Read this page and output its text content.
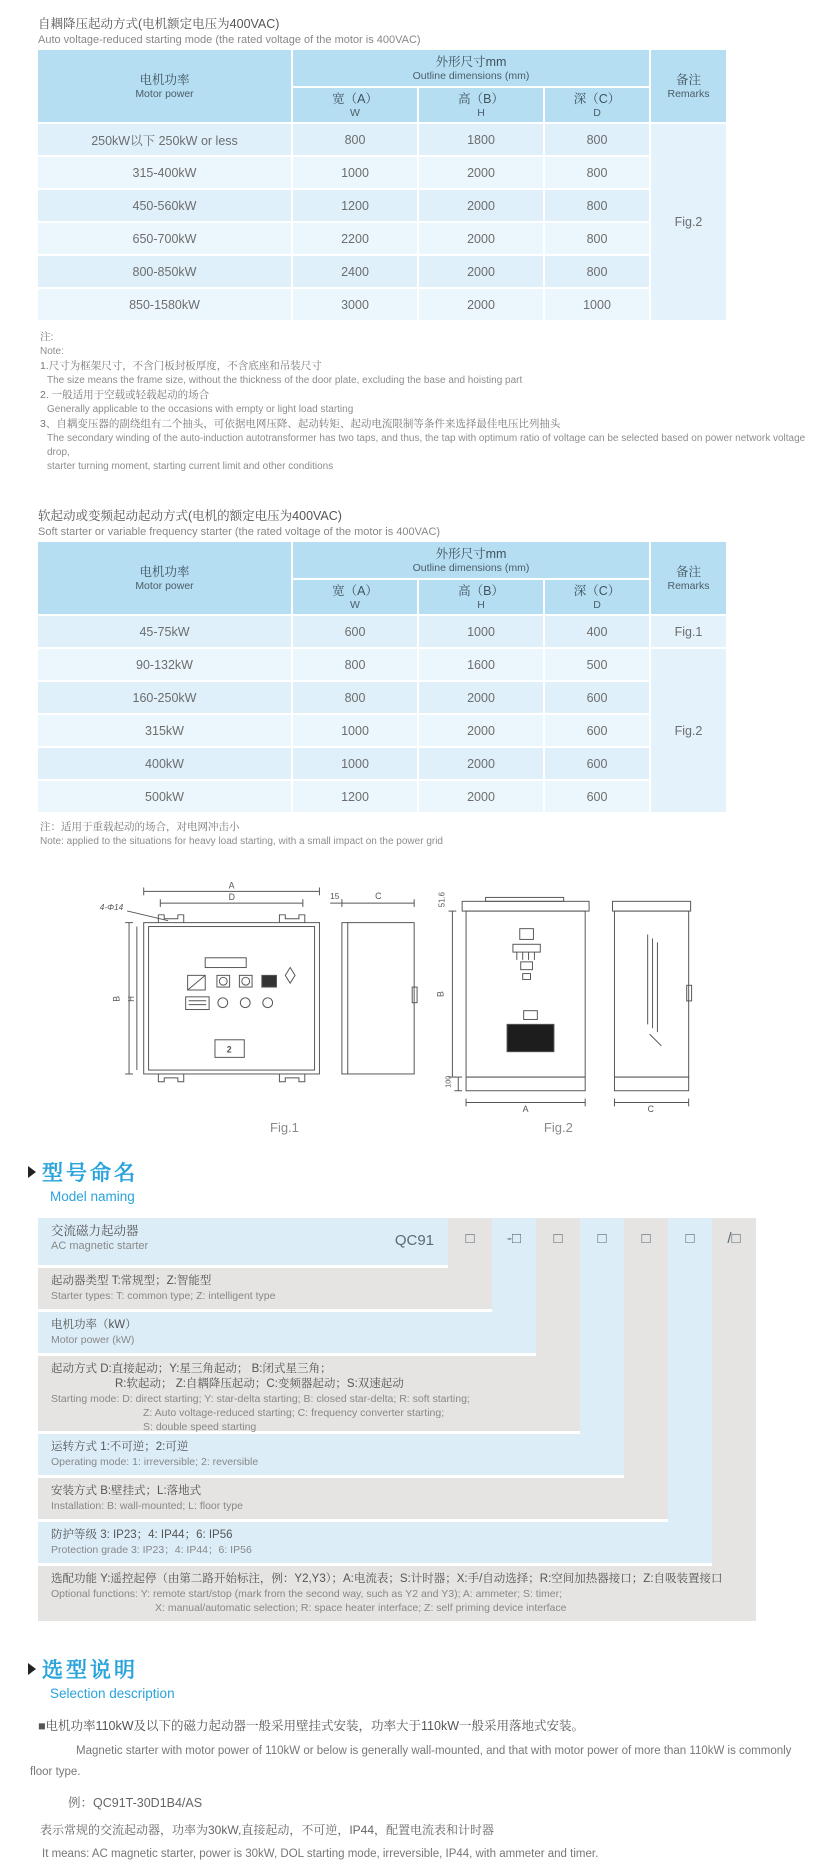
自耦降压起动方式(电机额定电压为400VAC)
Auto voltage-reduced starting mode (the rated voltage of the motor is 400VAC)
电机功率
Motor power

外形尺寸mm
Outline dimensions (mm)	备注
Remarks

宽（A）
W

高（B）
H

深（C）
D

250kW以下 250kW or less	800	1800	800	Fig.2
315-400kW	1000	2000	800	
450-560kW	1200	2000	800	
650-700kW	2200	2000	800	
800-850kW	2400	2000	800	
850-1580kW	3000	2000	1000	
注:
Note:
1.尺寸为框架尺寸，不含门板封板厚度，不含底座和吊装尺寸
The size means the frame size, without the thickness of the door plate, excluding the base and hoisting part
2. 一般适用于空载或轻载起动的场合
Generally applicable to the occasions with empty or light load starting
3、自耦变压器的副绕组有二个抽头，可依据电网压降、起动转矩、起动电流限制等条件来选择最佳电压比列抽头
The secondary winding of the auto-induction autotransformer has two taps, and thus, the tap with optimum ratio of voltage can be selected based on power network voltage drop,
starter turning moment, starting current limit and other conditions
软起动或变频起动起动方式(电机的额定电压为400VAC)
Soft starter or variable frequency starter (the rated voltage of the motor is 400VAC)
电机功率
Motor power

外形尺寸mm
Outline dimensions (mm)	备注
Remarks

宽（A）
W

高（B）
H

深（C）
D

45-75kW	600	1000	400	Fig.1
90-132kW	800	1600	500	Fig.2
160-250kW	800	2000	600	
315kW	1000	2000	600	
400kW	1000	2000	600	
500kW	1200	2000	600	
注：适用于重载起动的场合，对电网冲击小
Note: applied to the situations for heavy load starting, with a small impact on the power grid
A
D
4-Φ14
B H
15	C
2
51.6
B
100
A	C
Fig.1	Fig.2
型号命名
Model naming
交流磁力起动器
AC magnetic starter	QC91	□	-□	□	□	□	□	/□
起动器类型 T:常规型；Z:智能型
Starter types: T: common type; Z: intelligent type
电机功率（kW）
Motor power (kW)
起动方式 D:直接起动；Y:星三角起动； B:闭式星三角；
R:软起动； Z:自耦降压起动；C:变频器起动；S:双速起动
Starting mode: D: direct starting; Y: star-delta starting; B: closed star-delta; R: soft starting;
Z: Auto voltage-reduced starting; C: frequency converter starting;
S: double speed starting
运转方式 1:不可逆；2:可逆
Operating mode: 1: irreversible; 2: reversible
安装方式 B:壁挂式；L:落地式
Installation: B: wall-mounted; L: floor type
防护等级 3: IP23；4: IP44；6: IP56
Protection grade 3: IP23；4: IP44；6: IP56
选配功能 Y:遥控起停（由第二路开始标注，例：Y2,Y3）；A:电流表；S:计时器；X:手/自动选择；R:空间加热器接口；Z:自吸装置接口
Optional functions: Y: remote start/stop (mark from the second way, such as Y2 and Y3); A: ammeter; S: timer;
X: manual/automatic selection; R: space heater interface; Z: self priming device interface
选型说明
Selection description
■电机功率110kW及以下的磁力起动器一般采用壁挂式安装，功率大于110kW一般采用落地式安装。
Magnetic starter with motor power of 110kW or below is generally wall-mounted, and that with motor power of more than 110kW is commonly floor type.
例：QC91T-30D1B4/AS
表示常规的交流起动器，功率为30kW,直接起动，不可逆，IP44，配置电流表和计时器
It means: AC magnetic starter, power is 30kW, DOL starting mode, irreversible, IP44, with ammeter and timer.
